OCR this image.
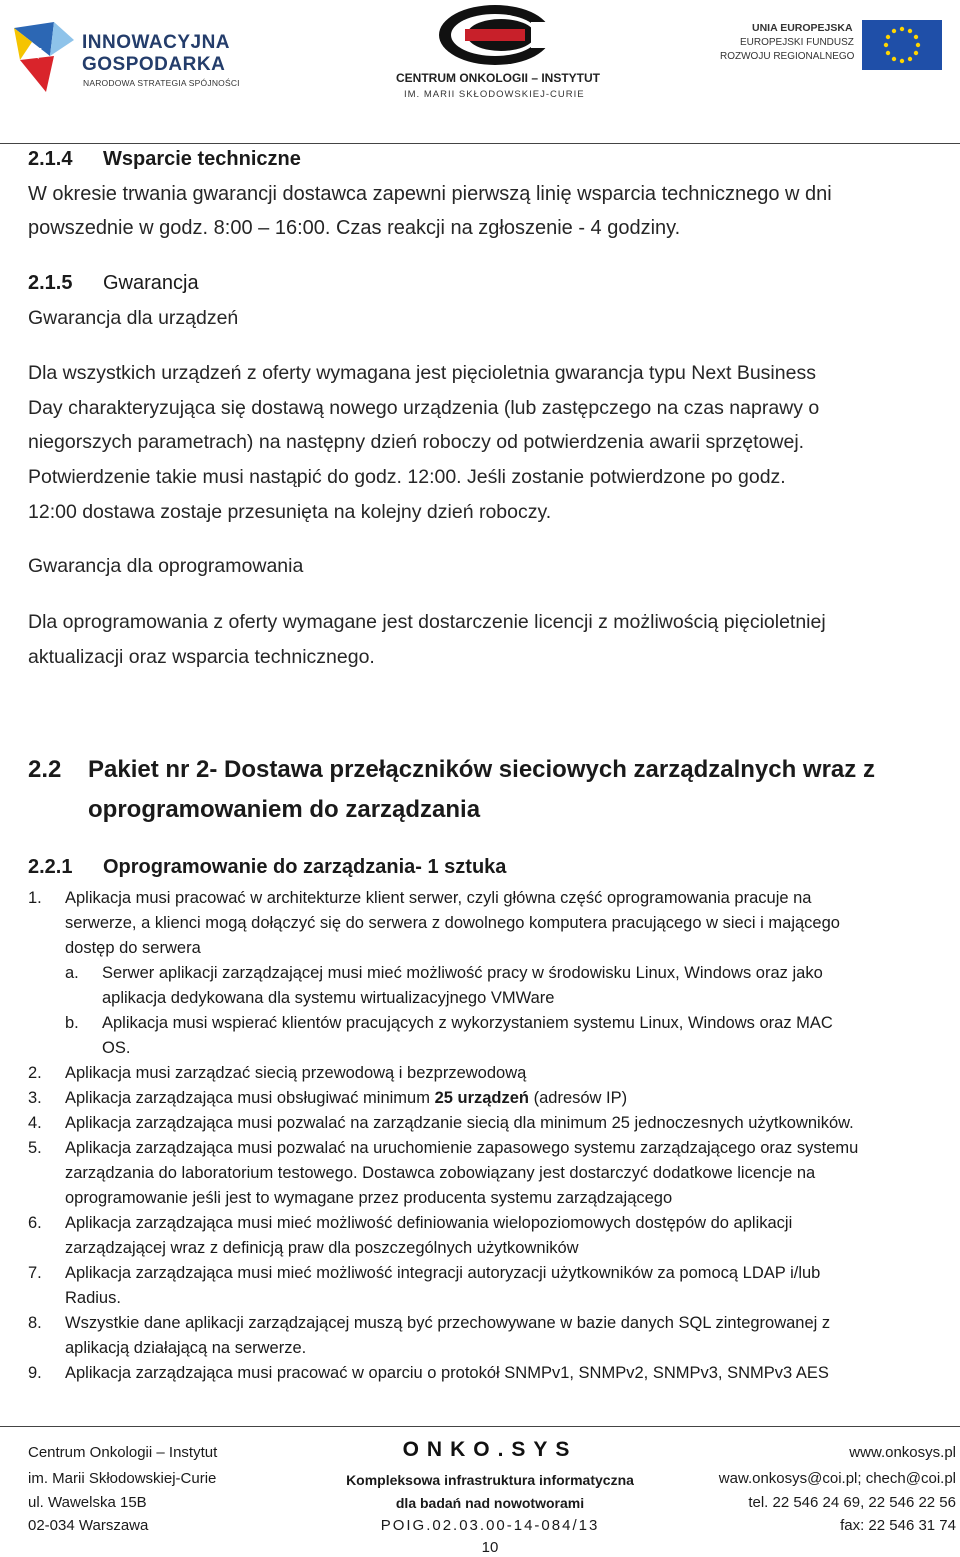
INNOWACYJNA
GOSPODARKA
NARODOWA STRATEGIA SPÓJNOŚCI	CENTRUM ONKOLOGII – INSTYTUT
IM. MARII SKŁODOWSKIEJ-CURIE
UNIA EUROPEJSKA
EUROPEJSKI FUNDUSZ
ROZWOJU REGIONALNEGO
2.1.4 Wsparcie techniczne
W okresie trwania gwarancji dostawca zapewni pierwszą linię wsparcia technicznego w dni
powszednie w godz. 8:00 – 16:00. Czas reakcji na zgłoszenie - 4 godziny.
2.1.5 Gwarancja
Gwarancja dla urządzeń
Dla wszystkich urządzeń z oferty wymagana jest pięcioletnia gwarancja typu Next Business
Day charakteryzująca się dostawą nowego urządzenia (lub zastępczego na czas naprawy o
niegorszych parametrach) na następny dzień roboczy od potwierdzenia awarii sprzętowej.
Potwierdzenie takie musi nastąpić do godz. 12:00. Jeśli zostanie potwierdzone po godz.
12:00 dostawa zostaje przesunięta na kolejny dzień roboczy.
Gwarancja dla oprogramowania
Dla oprogramowania z oferty wymagane jest dostarczenie licencji z możliwością pięcioletniej
aktualizacji oraz wsparcia technicznego.
2.2 Pakiet nr 2- Dostawa przełączników sieciowych zarządzalnych wraz z
oprogramowaniem do zarządzania
2.2.1 Oprogramowanie do zarządzania- 1 sztuka
1. Aplikacja musi pracować w architekturze klient serwer, czyli główna część oprogramowania pracuje na
serwerze, a klienci mogą dołączyć się do serwera z dowolnego komputera pracującego w sieci i mającego
dostęp do serwera
a. Serwer aplikacji zarządzającej musi mieć możliwość pracy w środowisku Linux, Windows oraz jako
aplikacja dedykowana dla systemu wirtualizacyjnego VMWare
b. Aplikacja musi wspierać klientów pracujących z wykorzystaniem systemu Linux, Windows oraz MAC
OS.
2. Aplikacja musi zarządzać siecią przewodową i bezprzewodową
3. Aplikacja zarządzająca musi obsługiwać minimum 25 urządzeń (adresów IP)
4. Aplikacja zarządzająca musi pozwalać na zarządzanie siecią dla minimum 25 jednoczesnych użytkowników.
5. Aplikacja zarządzająca musi pozwalać na uruchomienie zapasowego systemu zarządzającego oraz systemu
zarządzania do laboratorium testowego. Dostawca zobowiązany jest dostarczyć dodatkowe licencje na
oprogramowanie jeśli jest to wymagane przez producenta systemu zarządzającego
6. Aplikacja zarządzająca musi mieć możliwość definiowania wielopoziomowych dostępów do aplikacji
zarządzającej wraz z definicją praw dla poszczególnych użytkowników
7. Aplikacja zarządzająca musi mieć możliwość integracji autoryzacji użytkowników za pomocą LDAP i/lub
Radius.
8. Wszystkie dane aplikacji zarządzającej muszą być przechowywane w bazie danych SQL zintegrowanej z
aplikacją działającą na serwerze.
9. Aplikacja zarządzająca musi pracować w oparciu o protokół SNMPv1, SNMPv2, SNMPv3, SNMPv3 AES
Centrum Onkologii – Instytut
im. Marii Skłodowskiej-Curie
ul. Wawelska 15B
02-034 Warszawa
ONKO.SYS
Kompleksowa infrastruktura informatyczna
dla badań nad nowotworami
POIG.02.03.00-14-084/13
www.onkosys.pl
waw.onkosys@coi.pl; chech@coi.pl
tel. 22 546 24 69, 22 546 22 56
fax: 22 546 31 74
10
